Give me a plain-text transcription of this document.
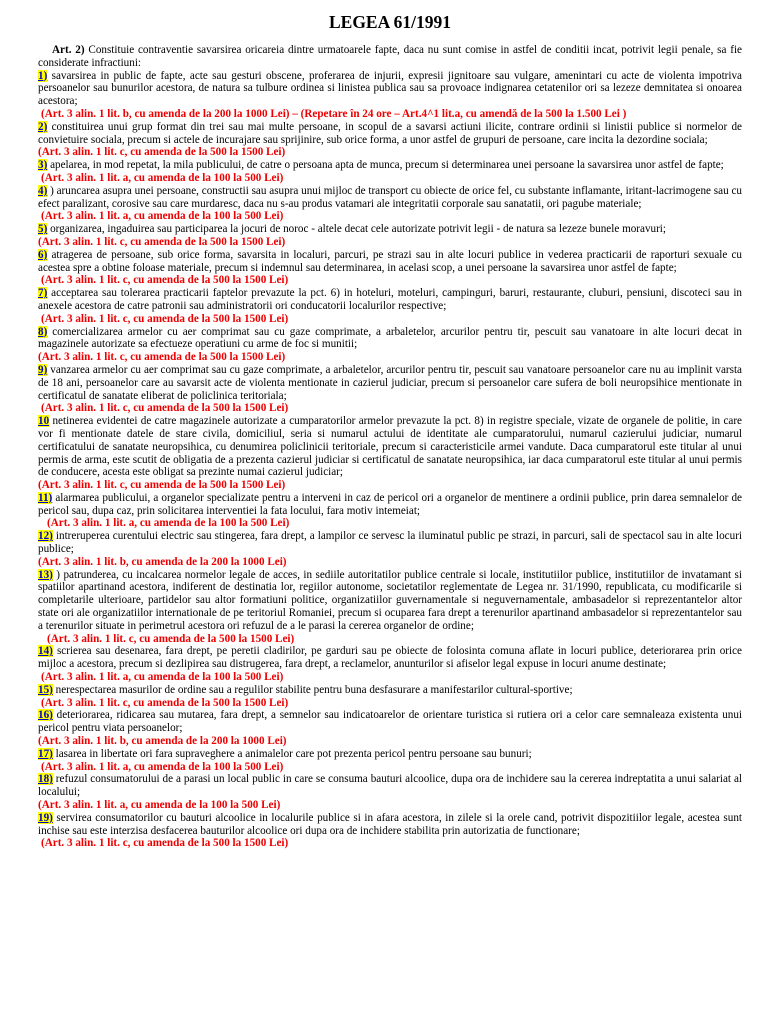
LEGEA 61/1991

Art. 2) Constituie contraventie savarsirea oricareia dintre urmatoarele fapte, daca nu sunt comise in astfel de conditii incat, potrivit legii penale, sa fie considerate infractiuni:

1) savarsirea in public de fapte, acte sau gesturi obscene, proferarea de injurii, expresii jignitoare sau vulgare, amenintari cu acte de violenta impotriva persoanelor sau bunurilor acestora, de natura sa tulbure ordinea si linistea publica sau sa provoace indignarea cetatenilor ori sa lezeze demnitatea si onoarea acestora;

(Art. 3 alin. 1 lit. b, cu amenda de la 200 la 1000 Lei) – (Repetare în 24 ore – Art.4^1 lit.a, cu amendă de la 500 la 1.500 Lei )

2) constituirea unui grup format din trei sau mai multe persoane, in scopul de a savarsi actiuni ilicite, contrare ordinii si linistii publice si normelor de convietuire sociala, precum si actele de incurajare sau sprijinire, sub orice forma, a unor astfel de grupuri de persoane, care incita la dezordine sociala;

(Art. 3 alin. 1 lit. c, cu amenda de la 500 la 1500 Lei)

3) apelarea, in mod repetat, la mila publicului, de catre o persoana apta de munca, precum si determinarea unei persoane la savarsirea unor astfel de fapte;

(Art. 3 alin. 1 lit. a, cu amenda de la 100 la 500 Lei)

4) ) aruncarea asupra unei persoane, constructii sau asupra unui mijloc de transport cu obiecte de orice fel, cu substante inflamante, iritant-lacrimogene sau cu efect paralizant, corosive sau care murdaresc, daca nu s-au produs vatamari ale integritatii corporale sau sanatatii, ori pagube materiale;

(Art. 3 alin. 1 lit. a, cu amenda de la 100 la 500 Lei)

5) organizarea, ingaduirea sau participarea la jocuri de noroc - altele decat cele autorizate potrivit legii - de natura sa lezeze bunele moravuri;

(Art. 3 alin. 1 lit. c, cu amenda de la 500 la 1500 Lei)

6) atragerea de persoane, sub orice forma, savarsita in localuri, parcuri, pe strazi sau in alte locuri publice in vederea practicarii de raporturi sexuale cu acestea spre a obtine foloase materiale, precum si indemnul sau determinarea, in acelasi scop, a unei persoane la savarsirea unor astfel de fapte;

(Art. 3 alin. 1 lit. c, cu amenda de la 500 la 1500 Lei)

7) acceptarea sau tolerarea practicarii faptelor prevazute la pct. 6) in hoteluri, moteluri, campinguri, baruri, restaurante, cluburi, pensiuni, discoteci sau in anexele acestora de catre patronii sau administratorii ori conducatorii localurilor respective;

(Art. 3 alin. 1 lit. c, cu amenda de la 500 la 1500 Lei)

8) comercializarea armelor cu aer comprimat sau cu gaze comprimate, a arbaletelor, arcurilor pentru tir, pescuit sau vanatoare in alte locuri decat in magazinele autorizate sa efectueze operatiuni cu arme de foc si munitii;

(Art. 3 alin. 1 lit. c, cu amenda de la 500 la 1500 Lei)

9) vanzarea armelor cu aer comprimat sau cu gaze comprimate, a arbaletelor, arcurilor pentru tir, pescuit sau vanatoare persoanelor care nu au implinit varsta de 18 ani, persoanelor care au savarsit acte de violenta mentionate in cazierul judiciar, precum si persoanelor care sufera de boli neuropsihice mentionate in certificatul de sanatate eliberat de policlinica teritoriala;

(Art. 3 alin. 1 lit. c, cu amenda de la 500 la 1500 Lei)

10 netinerea evidentei de catre magazinele autorizate a cumparatorilor armelor prevazute la pct. 8) in registre speciale, vizate de organele de politie, in care vor fi mentionate datele de stare civila, domiciliul, seria si numarul actului de identitate ale cumparatorului, numarul cazierului judiciar, numarul certificatului de sanatate neuropsihica, cu denumirea policlinicii teritoriale, precum si caracteristicile armei vandute. Daca cumparatorul este titular al unui permis de arma, este scutit de obligatia de a prezenta cazierul judiciar si certificatul de sanatate neuropsihica, iar daca cumparatorul este titular al unui permis de conducere, acesta este obligat sa prezinte numai cazierul judiciar;

(Art. 3 alin. 1 lit. c, cu amenda de la 500 la 1500 Lei)

11) alarmarea publicului, a organelor specializate pentru a interveni in caz de pericol ori a organelor de mentinere a ordinii publice, prin darea semnalelor de pericol sau, dupa caz, prin solicitarea interventiei la fata locului, fara motiv intemeiat;

(Art. 3 alin. 1 lit. a, cu amenda de la 100 la 500 Lei)

12) intreruperea curentului electric sau stingerea, fara drept, a lampilor ce servesc la iluminatul public pe strazi, in parcuri, sali de spectacol sau in alte locuri publice;

(Art. 3 alin. 1 lit. b, cu amenda de la 200 la 1000 Lei)

13) ) patrunderea, cu incalcarea normelor legale de acces, in sediile autoritatilor publice centrale si locale, institutiilor publice, institutiilor de invatamant si spatiilor apartinand acestora, indiferent de destinatia lor, regiilor autonome, societatilor reglementate de Legea nr. 31/1990, republicata, cu modificarile si completarile ulterioare, partidelor sau altor formatiuni politice, organizatiilor guvernamentale si neguvernamentale, ambasadelor si reprezentantelor altor state ori ale organizatiilor internationale de pe teritoriul Romaniei, precum si ocuparea fara drept a terenurilor apartinand ambasadelor si reprezentantelor sau a terenurilor situate in perimetrul acestora ori refuzul de a le parasi la cererea organelor de ordine;

(Art. 3 alin. 1 lit. c, cu amenda de la 500 la 1500 Lei)

14) scrierea sau desenarea, fara drept, pe peretii cladirilor, pe garduri sau pe obiecte de folosinta comuna aflate in locuri publice, deteriorarea prin orice mijloc a acestora, precum si dezlipirea sau distrugerea, fara drept, a reclamelor, anunturilor si afiselor legal expuse in locuri anume destinate;

(Art. 3 alin. 1 lit. a, cu amenda de la 100 la 500 Lei)

15) nerespectarea masurilor de ordine sau a regulilor stabilite pentru buna desfasurare a manifestarilor cultural-sportive;

(Art. 3 alin. 1 lit. c, cu amenda de la 500 la 1500 Lei)

16) deteriorarea, ridicarea sau mutarea, fara drept, a semnelor sau indicatoarelor de orientare turistica si rutiera ori a celor care semnaleaza existenta unui pericol pentru viata persoanelor;

(Art. 3 alin. 1 lit. b, cu amenda de la 200 la 1000 Lei)

17) lasarea in libertate ori fara supraveghere a animalelor care pot prezenta pericol pentru persoane sau bunuri;

(Art. 3 alin. 1 lit. a, cu amenda de la 100 la 500 Lei)

18) refuzul consumatorului de a parasi un local public in care se consuma bauturi alcoolice, dupa ora de inchidere sau la cererea indreptatita a unui salariat al localului;

(Art. 3 alin. 1 lit. a, cu amenda de la 100 la 500 Lei)

19) servirea consumatorilor cu bauturi alcoolice in localurile publice si in afara acestora, in zilele si la orele cand, potrivit dispozitiilor legale, acestea sunt inchise sau este interzisa desfacerea bauturilor alcoolice ori dupa ora de inchidere stabilita prin autorizatia de functionare;

(Art. 3 alin. 1 lit. c, cu amenda de la 500 la 1500 Lei)
